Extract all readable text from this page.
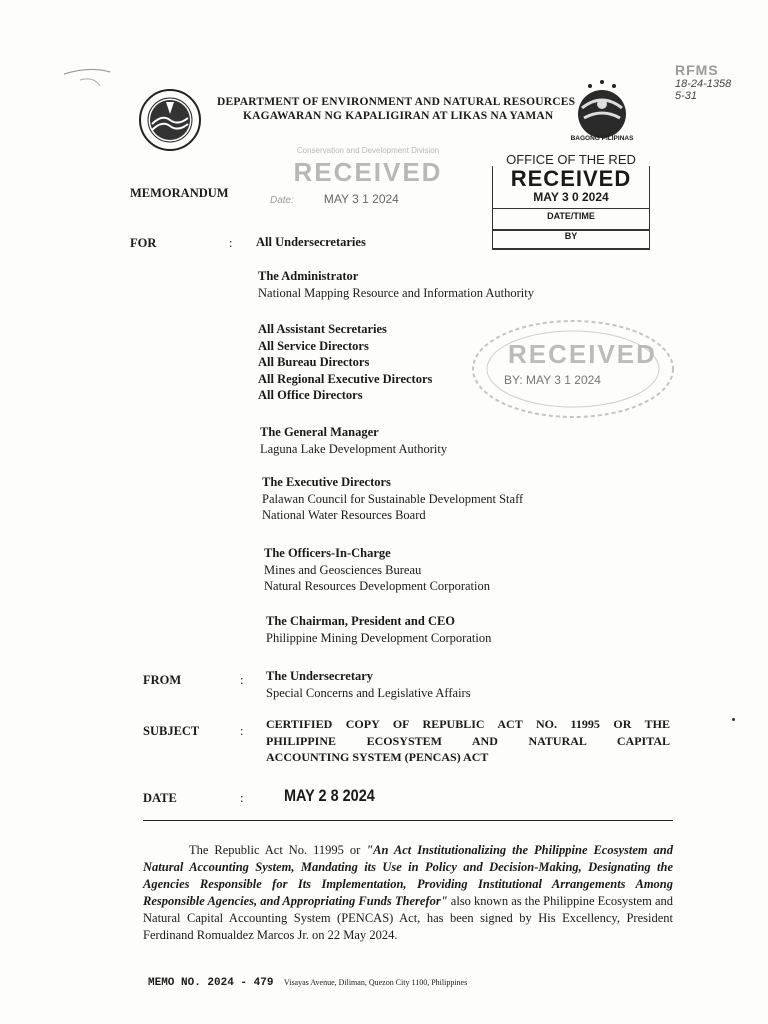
DEPARTMENT OF ENVIRONMENT AND NATURAL RESOURCES
KAGAWARAN NG KAPALIGIRAN AT LIKAS NA YAMAN
BAGONG PILIPINAS
RFMS
18-24-1358
5-31
Conservation and Development Division
RECEIVED
Date:	MAY 3 1 2024
OFFICE OF THE RED
RECEIVED
MAY 3 0 2024
DATE/TIME
BY
RECEIVED
BY: MAY 3 1 2024
MEMORANDUM
FOR	: All Undersecretaries
The Administrator
National Mapping Resource and Information Authority
All Assistant Secretaries
All Service Directors
All Bureau Directors
All Regional Executive Directors
All Office Directors
The General Manager
Laguna Lake Development Authority
The Executive Directors
Palawan Council for Sustainable Development Staff
National Water Resources Board
The Officers-In-Charge
Mines and Geosciences Bureau
Natural Resources Development Corporation
The Chairman, President and CEO
Philippine Mining Development Corporation
FROM	: The Undersecretary
Special Concerns and Legislative Affairs
SUBJECT	: CERTIFIED COPY OF REPUBLIC ACT NO. 11995 OR THE
PHILIPPINE ECOSYSTEM AND NATURAL CAPITAL
ACCOUNTING SYSTEM (PENCAS) ACT
DATE	: MAY 2 8 2024

The Republic Act No. 11995 or "An Act Institutionalizing the Philippine Ecosystem and Natural Accounting System, Mandating its Use in Policy and Decision-Making, Designating the Agencies Responsible for Its Implementation, Providing Institutional Arrangements Among Responsible Agencies, and Appropriating Funds Therefor" also known as the Philippine Ecosystem and Natural Capital Accounting System (PENCAS) Act, has been signed by His Excellency, President Ferdinand Romualdez Marcos Jr. on 22 May 2024.

MEMO NO. 2024 - 479 Visayas Avenue, Diliman, Quezon City 1100, Philippines
